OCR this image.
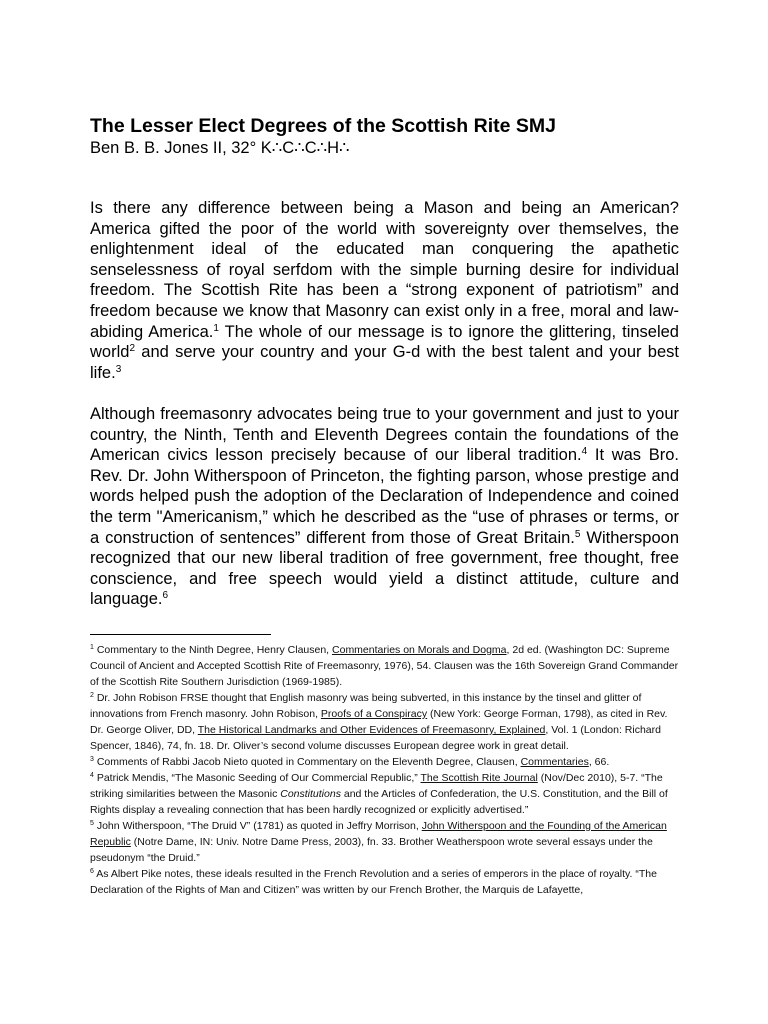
The Lesser Elect Degrees of the Scottish Rite SMJ
Ben B. B. Jones II, 32° K∴C∴C∴H∴

Is there any difference between being a Mason and being an American? America gifted the poor of the world with sovereignty over themselves, the enlightenment ideal of the educated man conquering the apathetic senselessness of royal serfdom with the simple burning desire for individual freedom. The Scottish Rite has been a “strong exponent of patriotism” and freedom because we know that Masonry can exist only in a free, moral and law-abiding America.$^1$ The whole of our message is to ignore the glittering, tinseled world$^2$ and serve your country and your G-d with the best talent and your best life.$^3$

Although freemasonry advocates being true to your government and just to your country, the Ninth, Tenth and Eleventh Degrees contain the foundations of the American civics lesson precisely because of our liberal tradition.$^4$ It was Bro. Rev. Dr. John Witherspoon of Princeton, the fighting parson, whose prestige and words helped push the adoption of the Declaration of Independence and coined the term "Americanism,” which he described as the “use of phrases or terms, or a construction of sentences” different from those of Great Britain.$^5$ Witherspoon recognized that our new liberal tradition of free government, free thought, free conscience, and free speech would yield a distinct attitude, culture and language.$^6$

$^1$ Commentary to the Ninth Degree, Henry Clausen, Commentaries on Morals and Dogma, 2d ed. (Washington DC: Supreme Council of Ancient and Accepted Scottish Rite of Freemasonry, 1976), 54. Clausen was the 16th Sovereign Grand Commander of the Scottish Rite Southern Jurisdiction (1969-1985).

$^2$ Dr. John Robison FRSE thought that English masonry was being subverted, in this instance by the tinsel and glitter of innovations from French masonry. John Robison, Proofs of a Conspiracy (New York: George Forman, 1798), as cited in Rev. Dr. George Oliver, DD, The Historical Landmarks and Other Evidences of Freemasonry, Explained, Vol. 1 (London: Richard Spencer, 1846), 74, fn. 18. Dr. Oliver’s second volume discusses European degree work in great detail.

$^3$ Comments of Rabbi Jacob Nieto quoted in Commentary on the Eleventh Degree, Clausen, Commentaries, 66.

$^4$ Patrick Mendis, “The Masonic Seeding of Our Commercial Republic,” The Scottish Rite Journal (Nov/Dec 2010), 5-7. “The striking similarities between the Masonic Constitutions and the Articles of Confederation, the U.S. Constitution, and the Bill of Rights display a revealing connection that has been hardly recognized or explicitly advertised.”

$^5$ John Witherspoon, “The Druid V” (1781) as quoted in Jeffry Morrison, John Witherspoon and the Founding of the American Republic (Notre Dame, IN: Univ. Notre Dame Press, 2003), fn. 33. Brother Weatherspoon wrote several essays under the pseudonym “the Druid.”

$^6$ As Albert Pike notes, these ideals resulted in the French Revolution and a series of emperors in the place of royalty. “The Declaration of the Rights of Man and Citizen” was written by our French Brother, the Marquis de Lafayette,
